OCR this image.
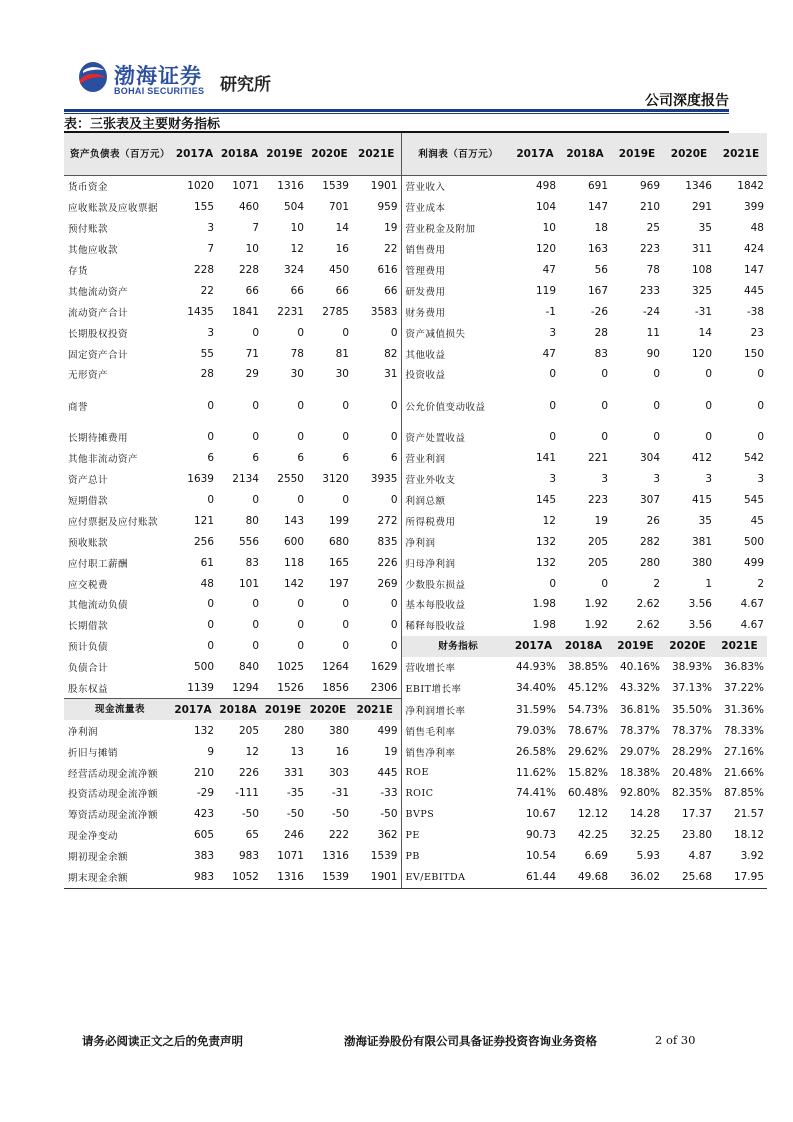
渤海证券
BOHAI SECURITIES 研究所
公司深度报告
表：三张表及主要财务指标
资产负债表（百万元）	2017A	2018A	2019E	2020E	2021E	利润表（百万元）	2017A	2018A	2019E	2020E	2021E
货币资金	1020	1071	1316	1539	1901	营业收入	498	691	969	1346	1842
应收账款及应收票据	155	460	504	701	959	营业成本	104	147	210	291	399
预付账款	3	7	10	14	19	营业税金及附加	10	18	25	35	48
其他应收款	7	10	12	16	22	销售费用	120	163	223	311	424
存货	228	228	324	450	616	管理费用	47	56	78	108	147
其他流动资产	22	66	66	66	66	研发费用	119	167	233	325	445
流动资产合计	1435	1841	2231	2785	3583	财务费用	-1	-26	-24	-31	-38
长期股权投资	3	0	0	0	0	资产减值损失	3	28	11	14	23
固定资产合计	55	71	78	81	82	其他收益	47	83	90	120	150
无形资产	28	29	30	30	31	投资收益	0	0	0	0	0
商誉	0	0	0	0	0	公允价值变动收益	0	0	0	0	0
长期待摊费用	0	0	0	0	0	资产处置收益	0	0	0	0	0
其他非流动资产	6	6	6	6	6	营业利润	141	221	304	412	542
资产总计	1639	2134	2550	3120	3935	营业外收支	3	3	3	3	3
短期借款	0	0	0	0	0	利润总额	145	223	307	415	545
应付票据及应付账款	121	80	143	199	272	所得税费用	12	19	26	35	45
预收账款	256	556	600	680	835	净利润	132	205	282	381	500
应付职工薪酬	61	83	118	165	226	归母净利润	132	205	280	380	499
应交税费	48	101	142	197	269	少数股东损益	0	0	2	1	2
其他流动负债	0	0	0	0	0	基本每股收益	1.98	1.92	2.62	3.56	4.67
长期借款	0	0	0	0	0	稀释每股收益	1.98	1.92	2.62	3.56	4.67
预计负债	0	0	0	0	0	财务指标	2017A	2018A	2019E	2020E	2021E
负债合计	500	840	1025	1264	1629	营收增长率	44.93%	38.85%	40.16%	38.93%	36.83%
股东权益	1139	1294	1526	1856	2306	EBIT增长率	34.40%	45.12%	43.32%	37.13%	37.22%
现金流量表	2017A	2018A	2019E	2020E	2021E	净利润增长率	31.59%	54.73%	36.81%	35.50%	31.36%
净利润	132	205	280	380	499	销售毛利率	79.03%	78.67%	78.37%	78.37%	78.33%
折旧与摊销	9	12	13	16	19	销售净利率	26.58%	29.62%	29.07%	28.29%	27.16%
经营活动现金流净额	210	226	331	303	445	ROE	11.62%	15.82%	18.38%	20.48%	21.66%
投资活动现金流净额	-29	-111	-35	-31	-33	ROIC	74.41%	60.48%	92.80%	82.35%	87.85%
筹资活动现金流净额	423	-50	-50	-50	-50	BVPS	10.67	12.12	14.28	17.37	21.57
现金净变动	605	65	246	222	362	PE	90.73	42.25	32.25	23.80	18.12
期初现金余额	383	983	1071	1316	1539	PB	10.54	6.69	5.93	4.87	3.92
期末现金余额	983	1052	1316	1539	1901	EV/EBITDA	61.44	49.68	36.02	25.68	17.95
请务必阅读正文之后的免责声明	渤海证券股份有限公司具备证券投资咨询业务资格	2 of 30
